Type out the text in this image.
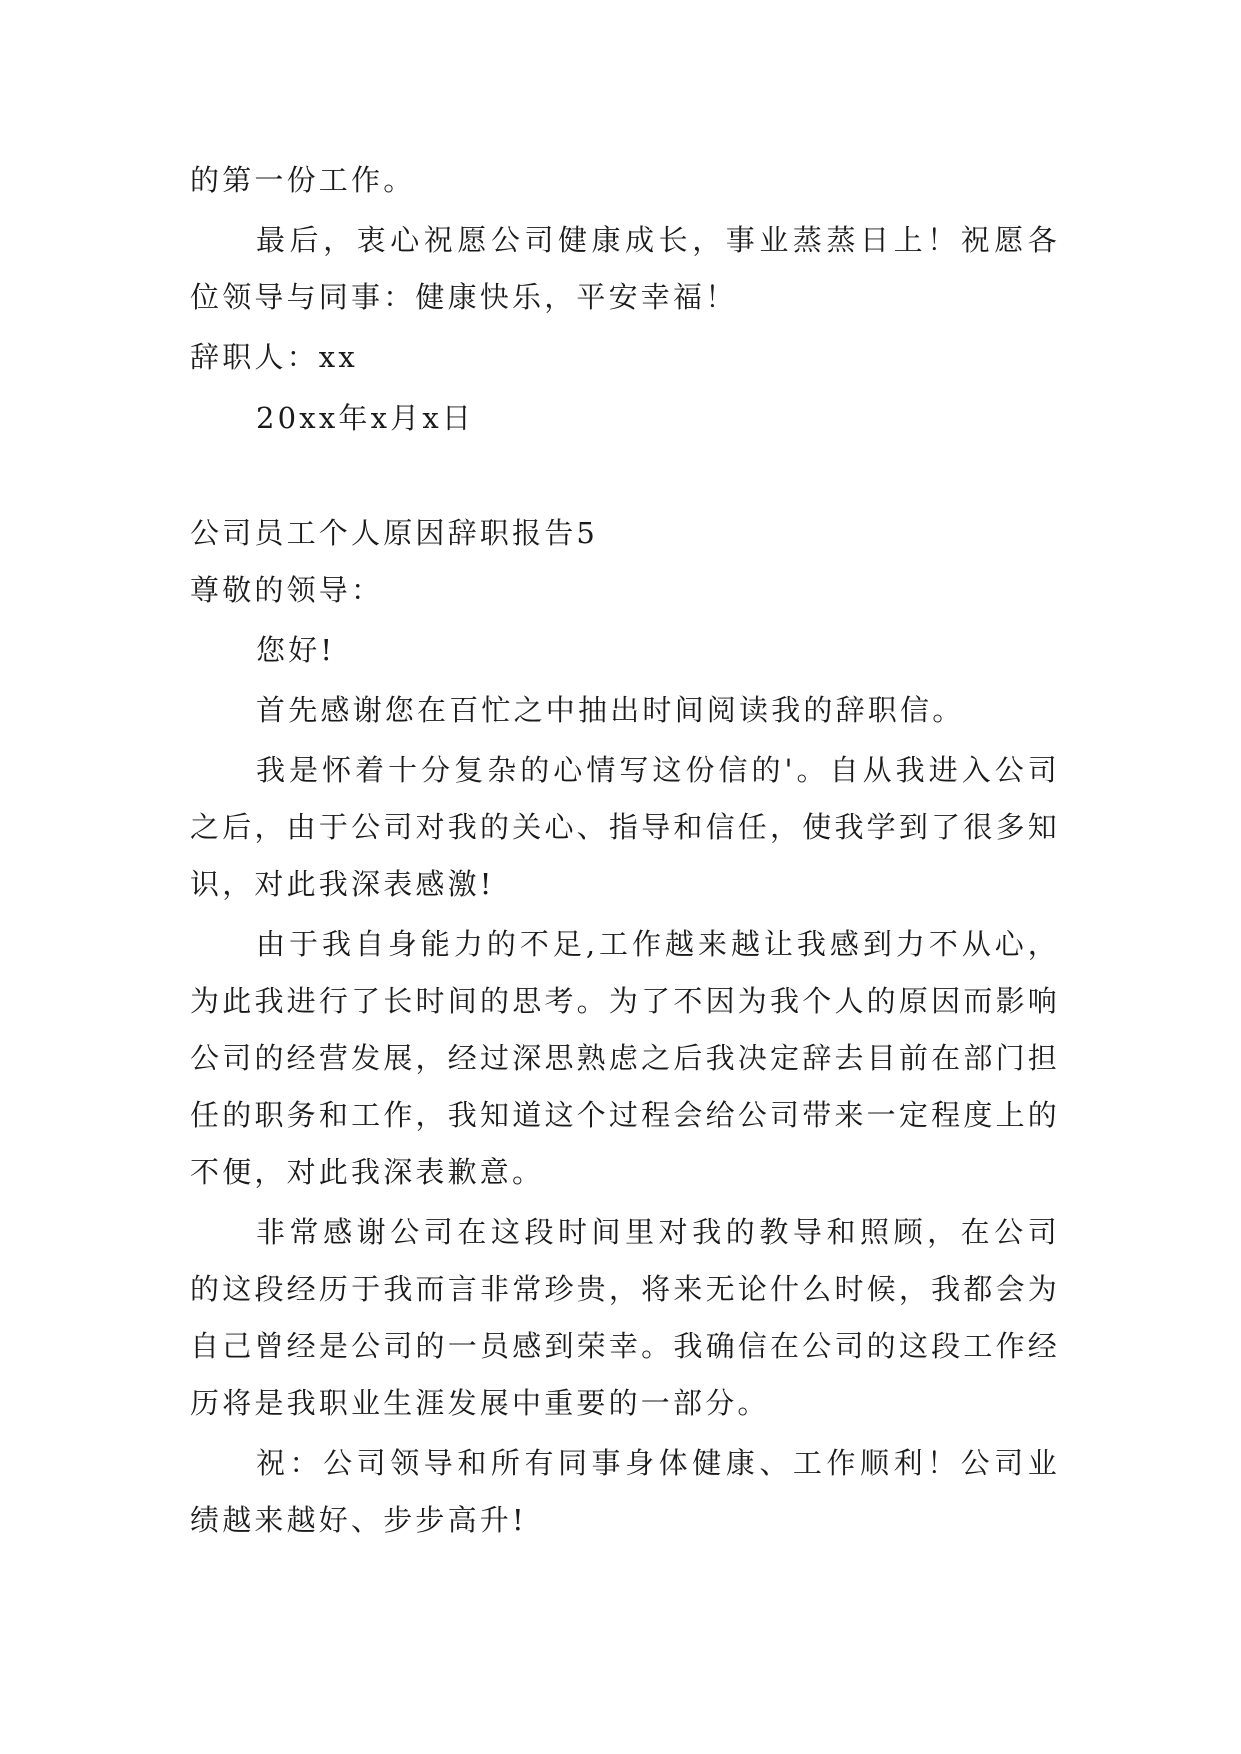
的第一份工作。

最后，衷心祝愿公司健康成长，事业蒸蒸日上！祝愿各位领导与同事：健康快乐，平安幸福！

辞职人：xx

20xx年x月x日

公司员工个人原因辞职报告5

尊敬的领导：

您好!

首先感谢您在百忙之中抽出时间阅读我的辞职信。

我是怀着十分复杂的心情写这份信的'。自从我进入公司之后，由于公司对我的关心、指导和信任，使我学到了很多知识，对此我深表感激!

由于我自身能力的不足,工作越来越让我感到力不从心，为此我进行了长时间的思考。为了不因为我个人的原因而影响公司的经营发展，经过深思熟虑之后我决定辞去目前在部门担任的职务和工作，我知道这个过程会给公司带来一定程度上的不便，对此我深表歉意。

非常感谢公司在这段时间里对我的教导和照顾，在公司的这段经历于我而言非常珍贵，将来无论什么时候，我都会为自己曾经是公司的一员感到荣幸。我确信在公司的这段工作经历将是我职业生涯发展中重要的一部分。

祝：公司领导和所有同事身体健康、工作顺利！公司业绩越来越好、步步高升!
